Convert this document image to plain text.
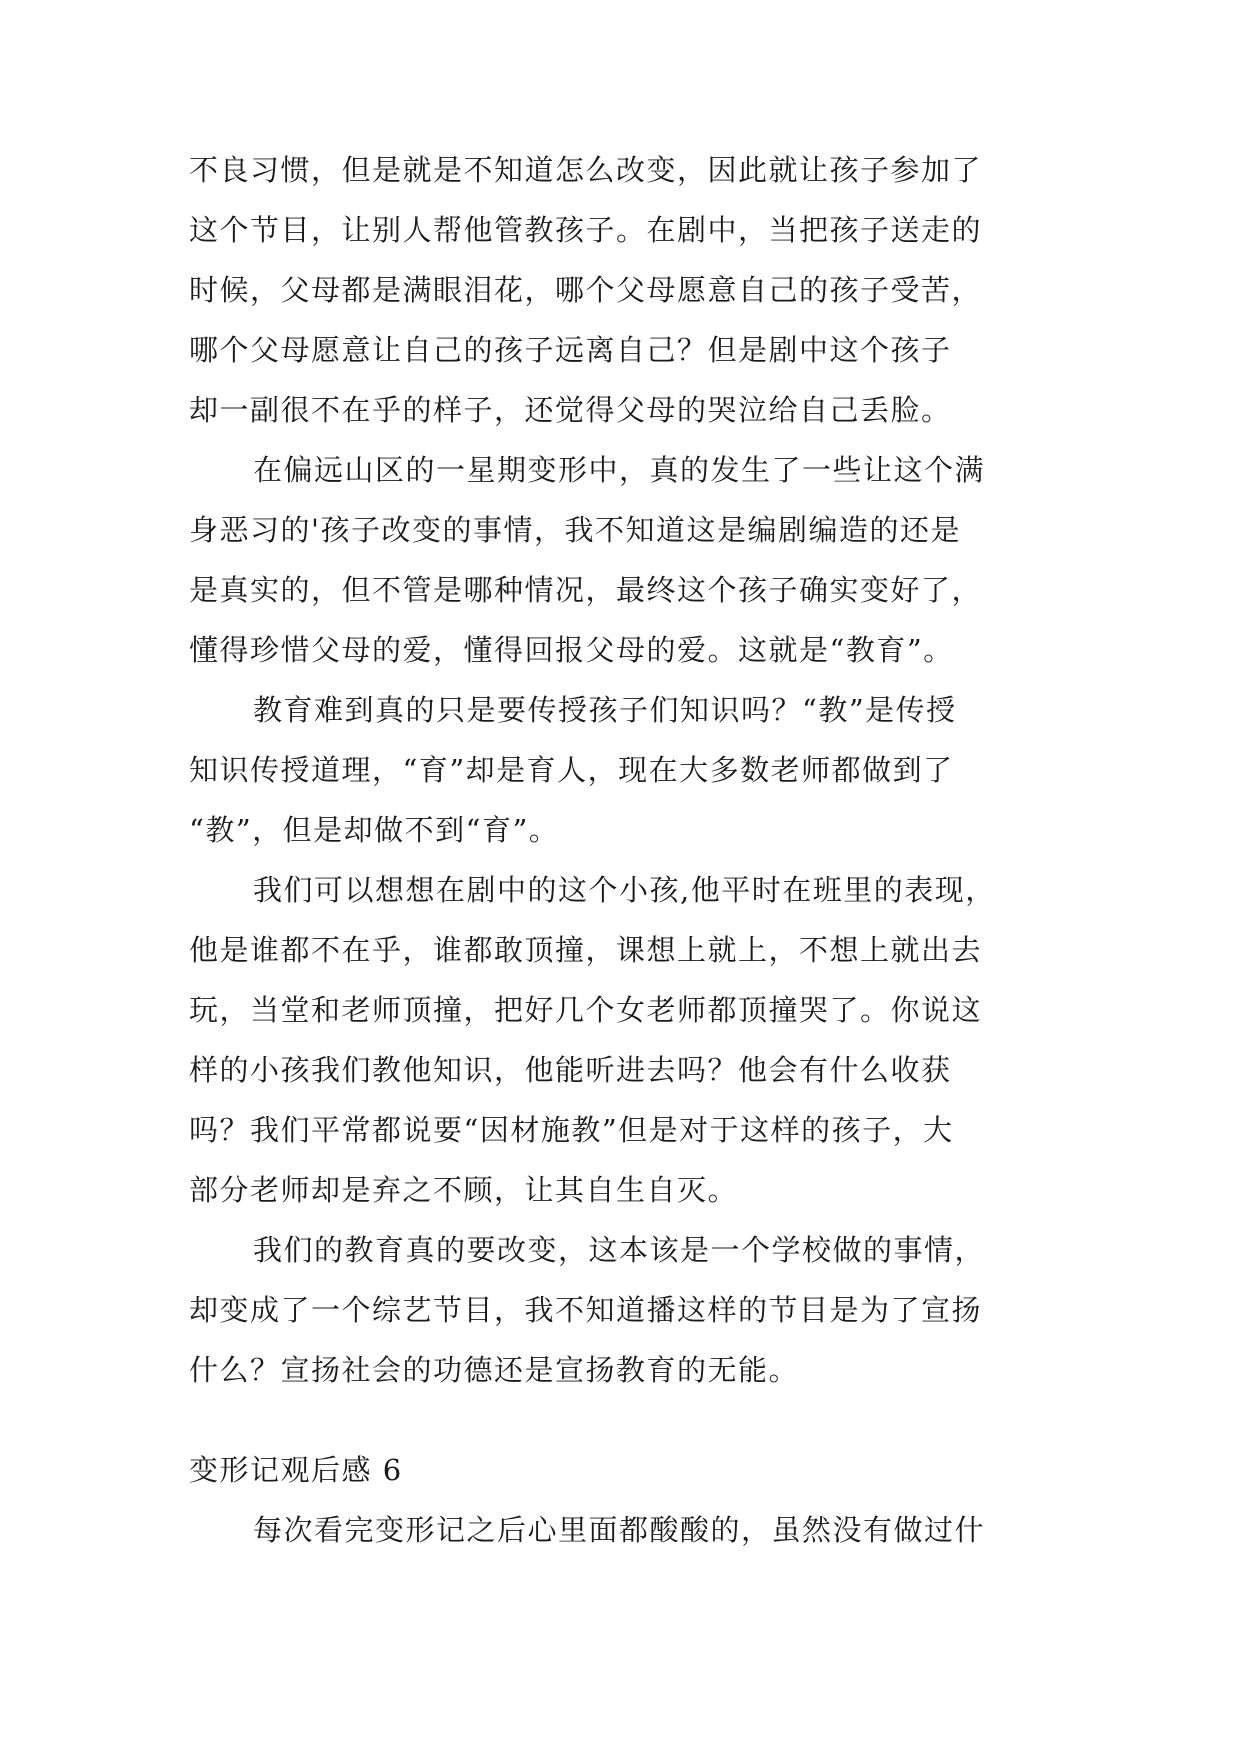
不良习惯，但是就是不知道怎么改变，因此就让孩子参加了
这个节目，让别人帮他管教孩子。在剧中，当把孩子送走的
时候，父母都是满眼泪花，哪个父母愿意自己的孩子受苦，
哪个父母愿意让自己的孩子远离自己？但是剧中这个孩子
却一副很不在乎的样子，还觉得父母的哭泣给自己丢脸。
在偏远山区的一星期变形中，真的发生了一些让这个满
身恶习的'孩子改变的事情，我不知道这是编剧编造的还是
是真实的，但不管是哪种情况，最终这个孩子确实变好了，
懂得珍惜父母的爱，懂得回报父母的爱。这就是“教育”。
教育难到真的只是要传授孩子们知识吗？“教”是传授
知识传授道理，“育”却是育人，现在大多数老师都做到了
“教”，但是却做不到“育”。
我们可以想想在剧中的这个小孩,他平时在班里的表现，
他是谁都不在乎，谁都敢顶撞，课想上就上，不想上就出去
玩，当堂和老师顶撞，把好几个女老师都顶撞哭了。你说这
样的小孩我们教他知识，他能听进去吗？他会有什么收获
吗？我们平常都说要“因材施教”但是对于这样的孩子，大
部分老师却是弃之不顾，让其自生自灭。
我们的教育真的要改变，这本该是一个学校做的事情，
却变成了一个综艺节目，我不知道播这样的节目是为了宣扬
什么？宣扬社会的功德还是宣扬教育的无能。
变形记观后感 6
每次看完变形记之后心里面都酸酸的，虽然没有做过什
